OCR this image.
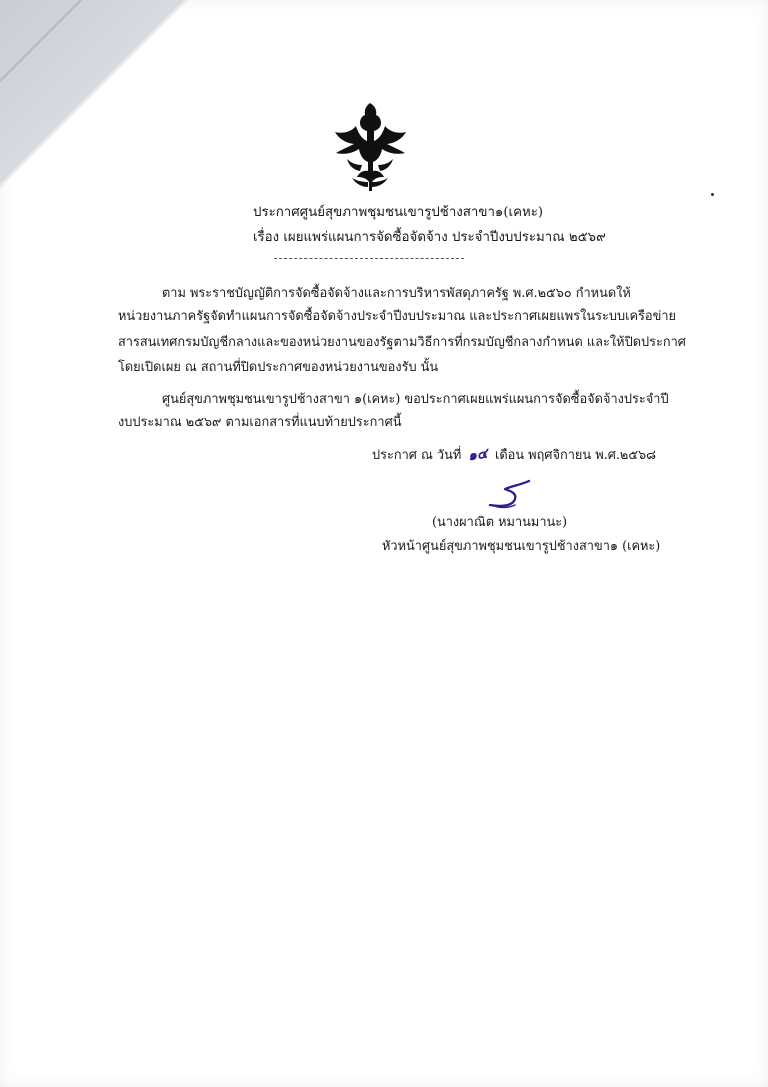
ประกาศศูนย์สุขภาพชุมชนเขารูปช้างสาขา๑(เคหะ)
เรื่อง เผยแพร่แผนการจัดซื้อจัดจ้าง ประจำปีงบประมาณ ๒๕๖๙
ตาม พระราชบัญญัติการจัดซื้อจัดจ้างและการบริหารพัสดุภาครัฐ พ.ศ.๒๕๖๐ กำหนดให้
หน่วยงานภาครัฐจัดทำแผนการจัดซื้อจัดจ้างประจำปีงบประมาณ และประกาศเผยแพรในระบบเครือข่าย
สารสนเทศกรมบัญชีกลางและของหน่วยงานของรัฐตามวิธีการที่กรมบัญชีกลางกำหนด และให้ปิดประกาศ
โดยเปิดเผย ณ สถานที่ปิดประกาศของหน่วยงานของรับ นั้น
ศูนย์สุขภาพชุมชนเขารูปช้างสาขา ๑(เคหะ) ขอประกาศเผยแพร่แผนการจัดซื้อจัดจ้างประจำปี
งบประมาณ ๒๕๖๙ ตามเอกสารที่แนบท้ายประกาศนี้
ประกาศ ณ วันที่ ๑๔ เดือน พฤศจิกายน พ.ศ.๒๕๖๘
(นางผาณิต หมานมานะ)
หัวหน้าศูนย์สุขภาพชุมชนเขารูปช้างสาขา๑ (เคหะ)
